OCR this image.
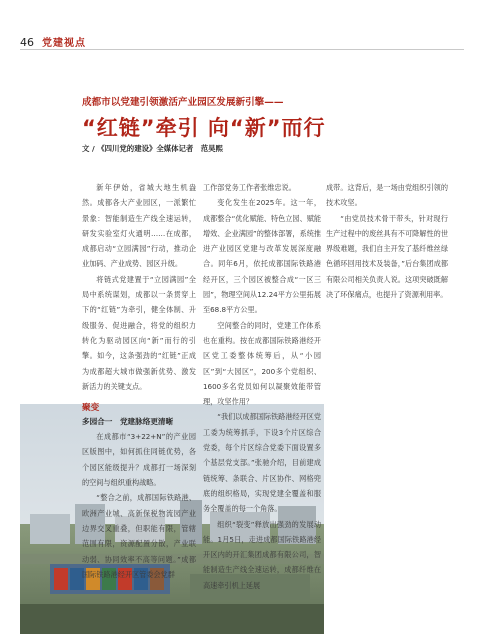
46 党建视点
成都市以党建引领激活产业园区发展新引擎——
“红链”牵引 向“新”而行
文 / 《四川党的建设》全媒体记者　范昊熙

新年伊始，省城大地生机盎然。成都各大产业园区，一派繁忙景象：智能制造生产线全速运转，研发实验室灯火通明……在成都，成都启动“立园满园”行动，推动企业加码、产业成势、园区升级。

将链式党建置于“立园满园”全局中系统谋划，成都以一条贯穿上下的“红链”为牵引，健全体制、升级服务、促进融合，将党的组织力转化为驱动园区向“新”而行的引擎。如今，这条强劲的“红链”正成为成都超大城市做强新优势、激发新活力的关键支点。

聚变
多园合一　党建脉络更清晰

在成都市“3+22+N”的产业园区版图中，如何抓住同链优势，各个园区能级提升？成都打一场深刻的空间与组织重构战略。

“整合之前，成都国际铁路港、欧洲产业城、高新保税物流园产业边界交叉重叠，但职能有限，管辖范围有限，资源配置分散，产业联动弱、协同效率不高等问题。”成都国际铁路港经开区管委会党群

工作部党务工作者张维忠说。

变化发生在2025年。这一年，成都整合“优化赋能、特色立园、赋能增效、企业满园”的整体部署，系统推进产业园区党建与改革发展深度融合。同年6月，依托成都国际铁路港经开区，三个园区被整合成“一区三园”，物理空间从12.24平方公里拓展至68.8平方公里。

空间整合的同时，党建工作体系也在重构。按在成都国际铁路港经开区党工委整体统筹后，从“小园区”到“大园区”，200多个党组织、1600多名党员如何以凝聚效能带管理，攻坚作用？

“我们以成都国际铁路港经开区党工委为统筹抓手，下设3个片区综合党委，每个片区综合党委下面设置多个基层党支部。”张驰介绍，目前建成链统筹、条联合、片区协作、网格兜底的组织格局，实现党建全覆盖和服务全覆盖的每一个角落。

组织“裂变”释放出强劲的发展动能。1月5日，走进成都国际铁路港经开区内的开汇集团成都有限公司，智能制造生产线全速运转，成都纤维在高速牵引机上延展

成带。这背后，是一场由党组织引领的技术攻坚。

“由党员技术骨干带头，针对现行生产过程中的废丝具有不可降解性的世界级难题，我们自主开发了基纤维丝绿色循环回用技术及装备，”后台集团成都有限公司相关负责人说。这项突破既解决了环保痛点，也提升了资源利用率。
